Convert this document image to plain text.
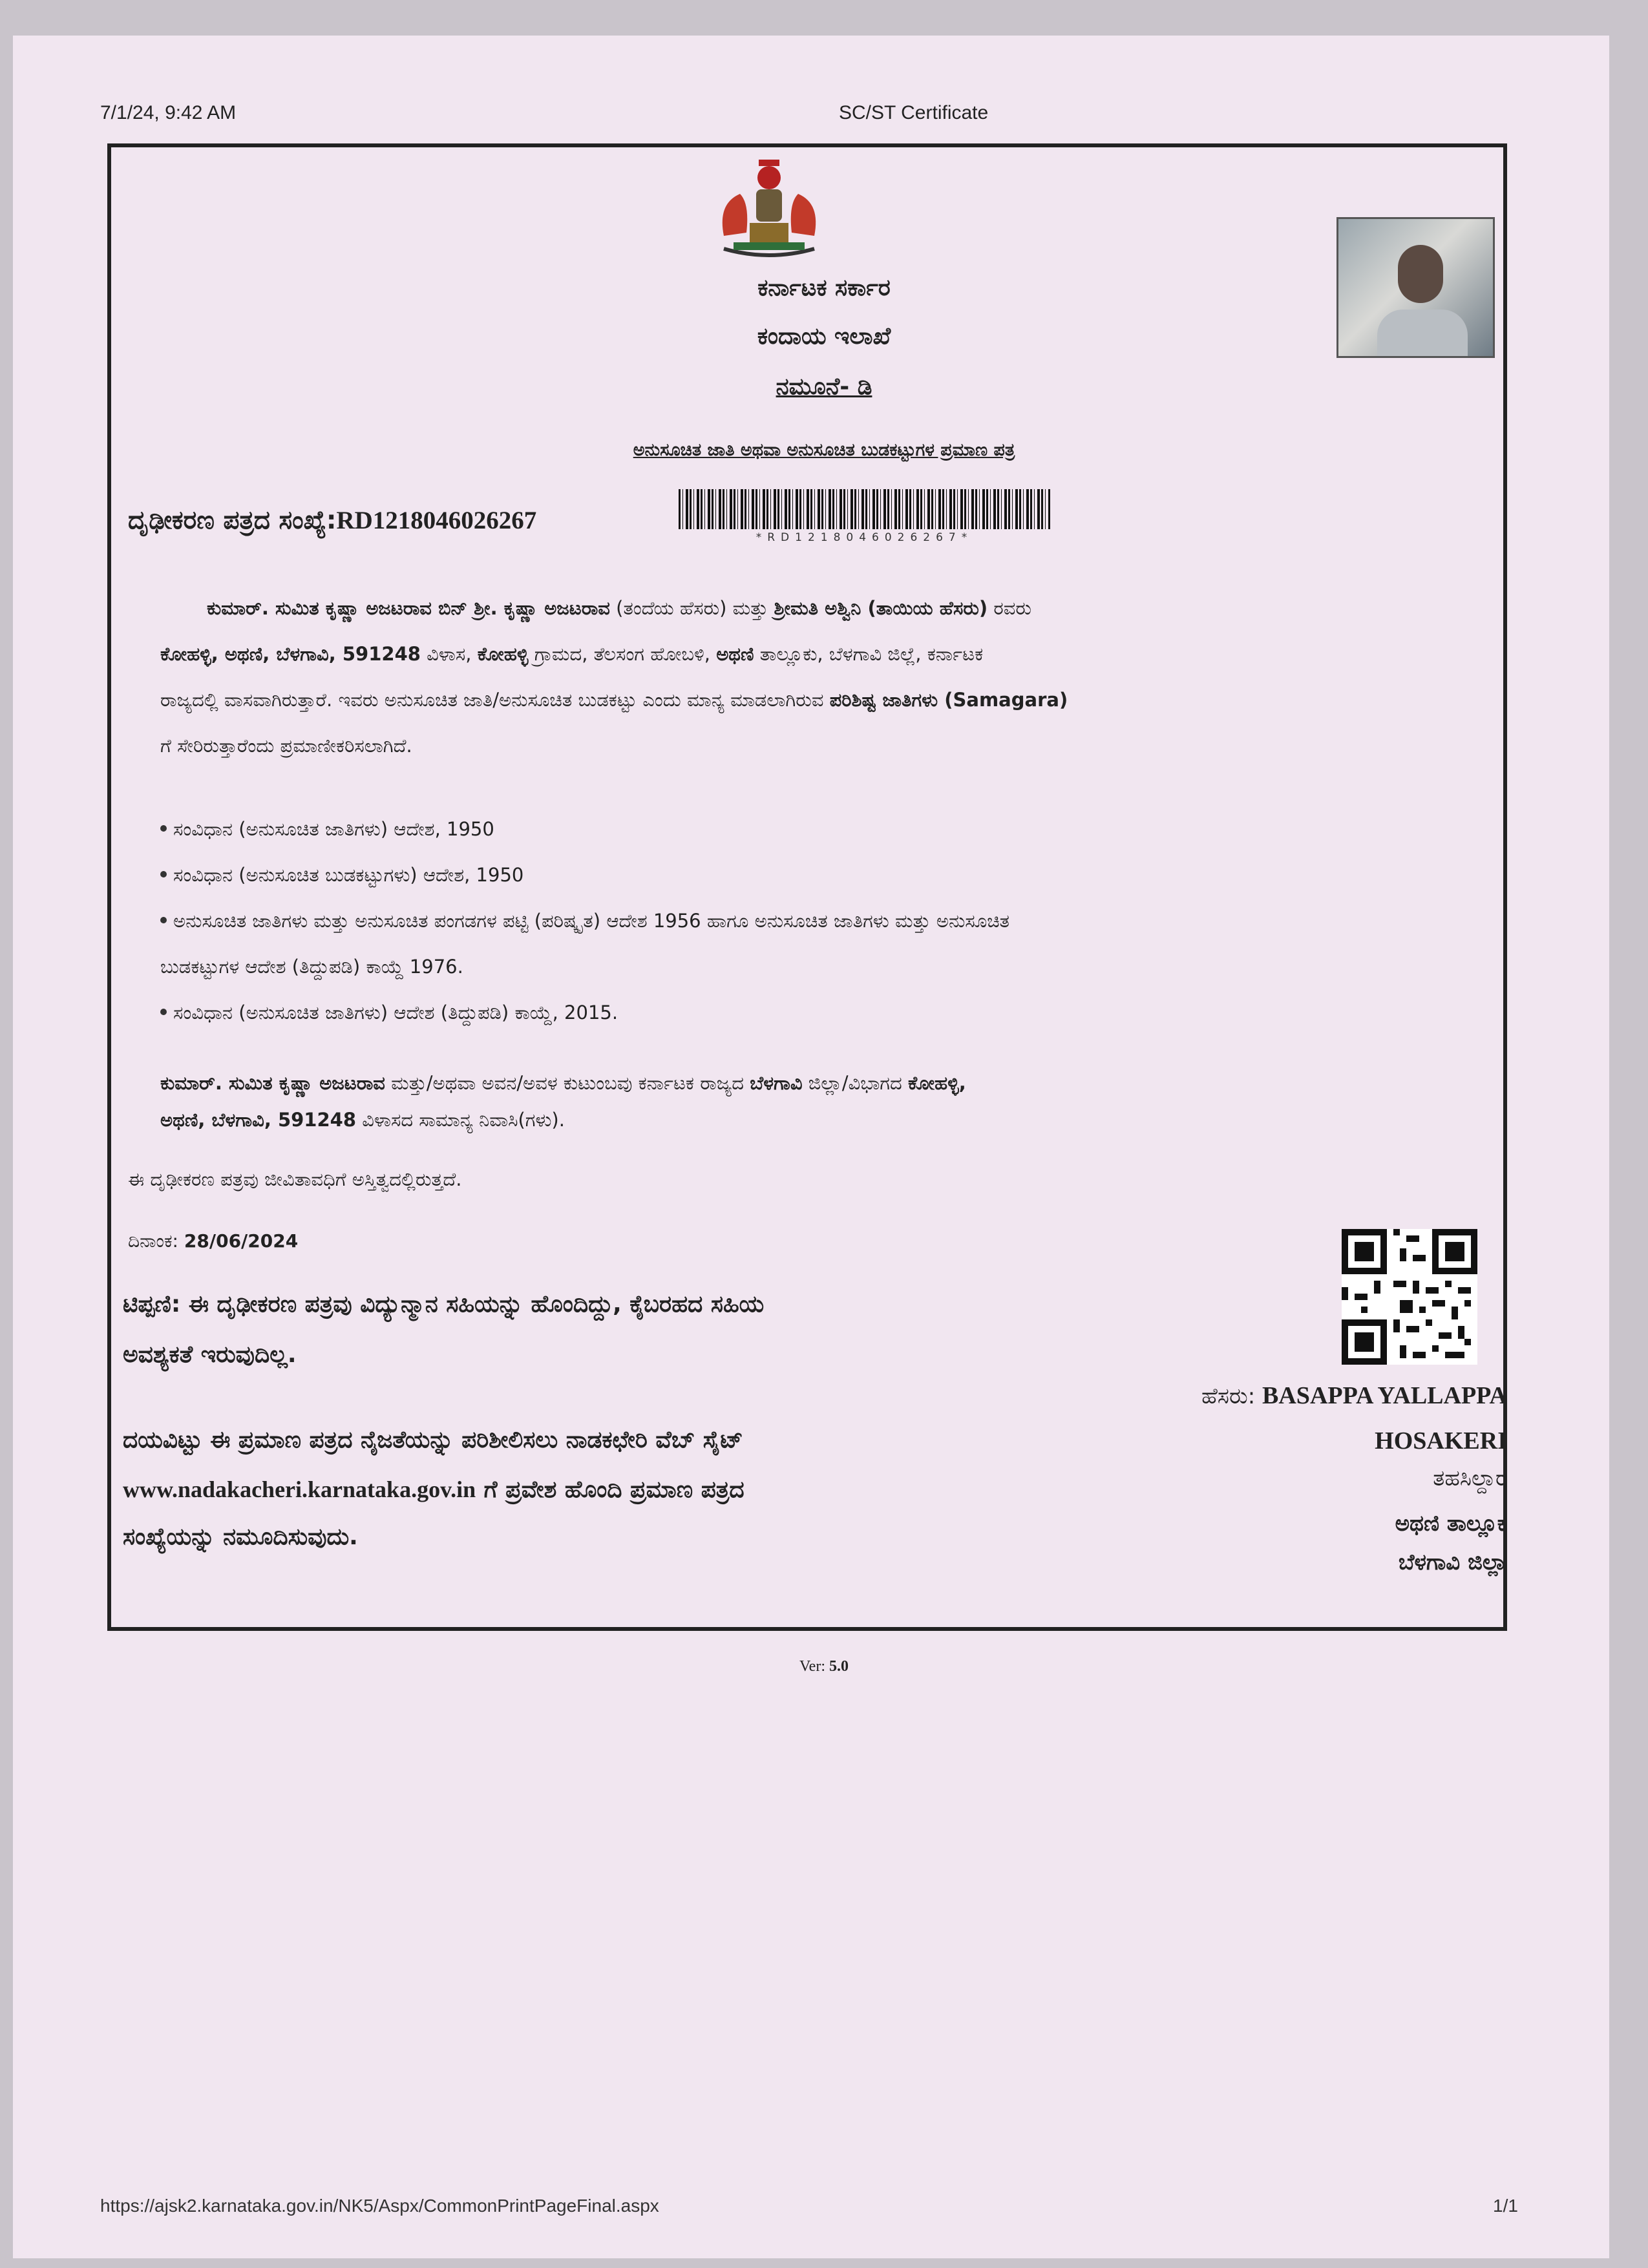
7/1/24, 9:42 AM	SC/ST Certificate
ಕರ್ನಾಟಕ ಸರ್ಕಾರ
ಕಂದಾಯ ಇಲಾಖೆ
ನಮೂನೆ- ಡಿ
ಅನುಸೂಚಿತ ಜಾತಿ ಅಥವಾ ಅನುಸೂಚಿತ ಬುಡಕಟ್ಟುಗಳ ಪ್ರಮಾಣ ಪತ್ರ
ದೃಢೀಕರಣ ಪತ್ರದ ಸಂಖ್ಯೆ:RD1218046026267
*RD1218046026267*
ಕುಮಾರ್. ಸುಮಿತ ಕೃಷ್ಣಾ ಅಜಟರಾವ ಬಿನ್ ಶ್ರೀ. ಕೃಷ್ಣಾ ಅಜಟರಾವ (ತಂದೆಯ ಹೆಸರು) ಮತ್ತು ಶ್ರೀಮತಿ ಅಶ್ವಿನಿ (ತಾಯಿಯ ಹೆಸರು) ರವರು
ಕೋಹಳ್ಳಿ, ಅಥಣಿ, ಬೆಳಗಾವಿ, 591248 ವಿಳಾಸ, ಕೋಹಳ್ಳಿ ಗ್ರಾಮದ, ತೆಲಸಂಗ ಹೋಬಳಿ, ಅಥಣಿ ತಾಲ್ಲೂಕು, ಬೆಳಗಾವಿ ಜಿಲ್ಲೆ, ಕರ್ನಾಟಕ
ರಾಜ್ಯದಲ್ಲಿ ವಾಸವಾಗಿರುತ್ತಾರೆ. ಇವರು ಅನುಸೂಚಿತ ಜಾತಿ/ಅನುಸೂಚಿತ ಬುಡಕಟ್ಟು ಎಂದು ಮಾನ್ಯ ಮಾಡಲಾಗಿರುವ ಪರಿಶಿಷ್ಟ ಜಾತಿಗಳು (Samagara)
ಗೆ ಸೇರಿರುತ್ತಾರೆಂದು ಪ್ರಮಾಣೀಕರಿಸಲಾಗಿದೆ.
ಸಂವಿಧಾನ (ಅನುಸೂಚಿತ ಜಾತಿಗಳು) ಆದೇಶ, 1950
ಸಂವಿಧಾನ (ಅನುಸೂಚಿತ ಬುಡಕಟ್ಟುಗಳು) ಆದೇಶ, 1950
ಅನುಸೂಚಿತ ಜಾತಿಗಳು ಮತ್ತು ಅನುಸೂಚಿತ ಪಂಗಡಗಳ ಪಟ್ಟಿ (ಪರಿಷ್ಕೃತ) ಆದೇಶ 1956 ಹಾಗೂ ಅನುಸೂಚಿತ ಜಾತಿಗಳು ಮತ್ತು ಅನುಸೂಚಿತ
ಬುಡಕಟ್ಟುಗಳ ಆದೇಶ (ತಿದ್ದುಪಡಿ) ಕಾಯ್ದೆ 1976.
ಸಂವಿಧಾನ (ಅನುಸೂಚಿತ ಜಾತಿಗಳು) ಆದೇಶ (ತಿದ್ದುಪಡಿ) ಕಾಯ್ದೆ, 2015.
ಕುಮಾರ್. ಸುಮಿತ ಕೃಷ್ಣಾ ಅಜಟರಾವ ಮತ್ತು/ಅಥವಾ ಅವನ/ಅವಳ ಕುಟುಂಬವು ಕರ್ನಾಟಕ ರಾಜ್ಯದ ಬೆಳಗಾವಿ ಜಿಲ್ಲಾ/ವಿಭಾಗದ ಕೋಹಳ್ಳಿ,
ಅಥಣಿ, ಬೆಳಗಾವಿ, 591248 ವಿಳಾಸದ ಸಾಮಾನ್ಯ ನಿವಾಸಿ(ಗಳು).
ಈ ದೃಢೀಕರಣ ಪತ್ರವು ಜೀವಿತಾವಧಿಗೆ ಅಸ್ತಿತ್ವದಲ್ಲಿರುತ್ತದೆ.
ದಿನಾಂಕ: 28/06/2024
ಟಿಪ್ಪಣಿ: ಈ ದೃಢೀಕರಣ ಪತ್ರವು ವಿದ್ಯುನ್ಮಾನ ಸಹಿಯನ್ನು ಹೊಂದಿದ್ದು, ಕೈಬರಹದ ಸಹಿಯ
ಅವಶ್ಯಕತೆ ಇರುವುದಿಲ್ಲ.
ದಯವಿಟ್ಟು ಈ ಪ್ರಮಾಣ ಪತ್ರದ ನೈಜತೆಯನ್ನು ಪರಿಶೀಲಿಸಲು ನಾಡಕಛೇರಿ ವೆಬ್ ಸೈಟ್
www.nadakacheri.karnataka.gov.in ಗೆ ಪ್ರವೇಶ ಹೊಂದಿ ಪ್ರಮಾಣ ಪತ್ರದ
ಸಂಖ್ಯೆಯನ್ನು ನಮೂದಿಸುವುದು.
ಹೆಸರು: BASAPPA YALLAPPA
HOSAKERI
ತಹಸಿಲ್ದಾರ
ಅಥಣಿ ತಾಲ್ಲೂಕ
ಬೆಳಗಾವಿ ಜಿಲ್ಲಾ
Ver: 5.0
https://ajsk2.karnataka.gov.in/NK5/Aspx/CommonPrintPageFinal.aspx	1/1
